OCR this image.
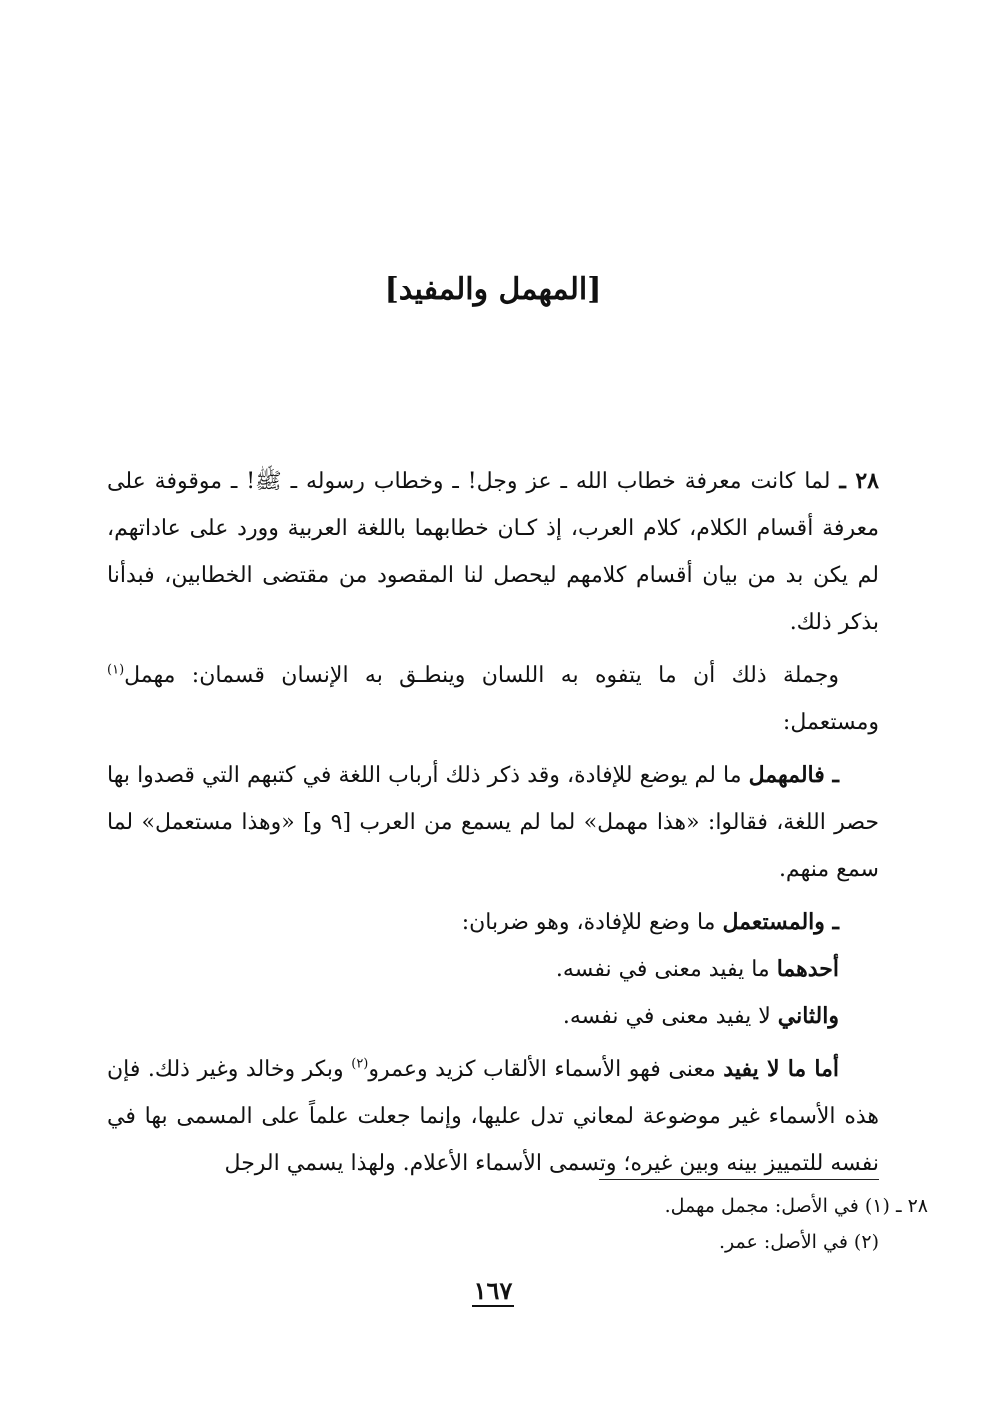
[المهمل والمفيد]

٢٨ ـ لما كانت معرفة خطاب الله ـ عز وجل! ـ وخطاب رسوله ـ ﷺ! ـ موقوفة على معرفة أقسام الكلام، كلام العرب، إذ كـان خطابهما باللغة العربية وورد على عاداتهم، لم يكن بد من بيان أقسام كلامهم ليحصل لنا المقصود من مقتضى الخطابين، فبدأنا بذكر ذلك.

وجملة ذلك أن ما يتفوه به اللسان وينطـق به الإنسان قسمان: مهمل$^{(١)}$ ومستعمل:

ـ فالمهمل ما لم يوضع للإفادة، وقد ذكر ذلك أرباب اللغة في كتبهم التي قصدوا بها حصر اللغة، فقالوا: «هذا مهمل» لما لم يسمع من العرب [٩ و] «وهذا مستعمل» لما سمع منهم.

ـ والمستعمل ما وضع للإفادة، وهو ضربان:

أحدهما ما يفيد معنى في نفسه.

والثاني لا يفيد معنى في نفسه.

أما ما لا يفيد معنى فهو الأسماء الألقاب كزيد وعمرو$^{(٢)}$ وبكر وخالد وغير ذلك. فإن هذه الأسماء غير موضوعة لمعاني تدل عليها، وإنما جعلت علماً على المسمى بها في نفسه للتمييز بينه وبين غيره؛ وتسمى الأسماء الأعلام. ولهذا يسمي الرجل

٢٨ ـ (١) في الأصل: مجمل مهمل.
(٢) في الأصل: عمر.
١٦٧
